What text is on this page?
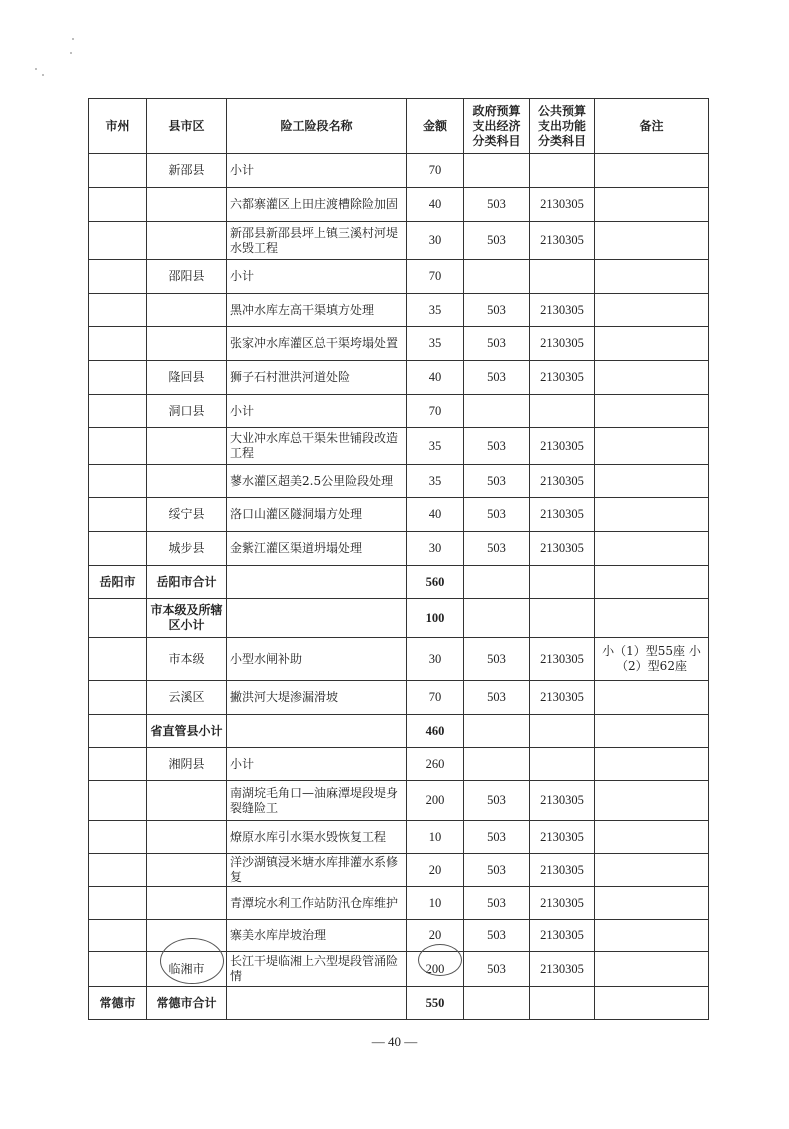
市州	县市区	险工险段名称	金额	政府预算支出经济分类科目	公共预算支出功能分类科目	备注
	新邵县	小计	70			
		六都寨灌区上田庄渡槽除险加固	40	503	2130305	
		新邵县新邵县坪上镇三溪村河堤水毁工程	30	503	2130305	
	邵阳县	小计	70			
		黑冲水库左高干渠填方处理	35	503	2130305	
		张家冲水库灌区总干渠垮塌处置	35	503	2130305	
	隆回县	狮子石村泄洪河道处险	40	503	2130305	
	洞口县	小计	70			
		大业冲水库总干渠朱世铺段改造工程	35	503	2130305	
		蓼水灌区超美2.5公里险段处理	35	503	2130305	
	绥宁县	洛口山灌区隧洞塌方处理	40	503	2130305	
	城步县	金紫江灌区渠道坍塌处理	30	503	2130305	
岳阳市	岳阳市合计		560			
	市本级及所辖区小计		100			
	市本级	小型水闸补助	30	503	2130305	小（1）型55座 小（2）型62座
	云溪区	撇洪河大堤渗漏滑坡	70	503	2130305	
	省直管县小计		460			
	湘阴县	小计	260			
		南湖垸毛角口—油麻潭堤段堤身裂缝险工	200	503	2130305	
		燎原水库引水渠水毁恢复工程	10	503	2130305	
		洋沙湖镇浸米塘水库排灌水系修复	20	503	2130305	
		青潭垸水利工作站防汛仓库维护	10	503	2130305	
		寨美水库岸坡治理	20	503	2130305	
	临湘市	长江干堤临湘上六型堤段管涌险情	200	503	2130305	
常德市	常德市合计		550			
— 40 —
